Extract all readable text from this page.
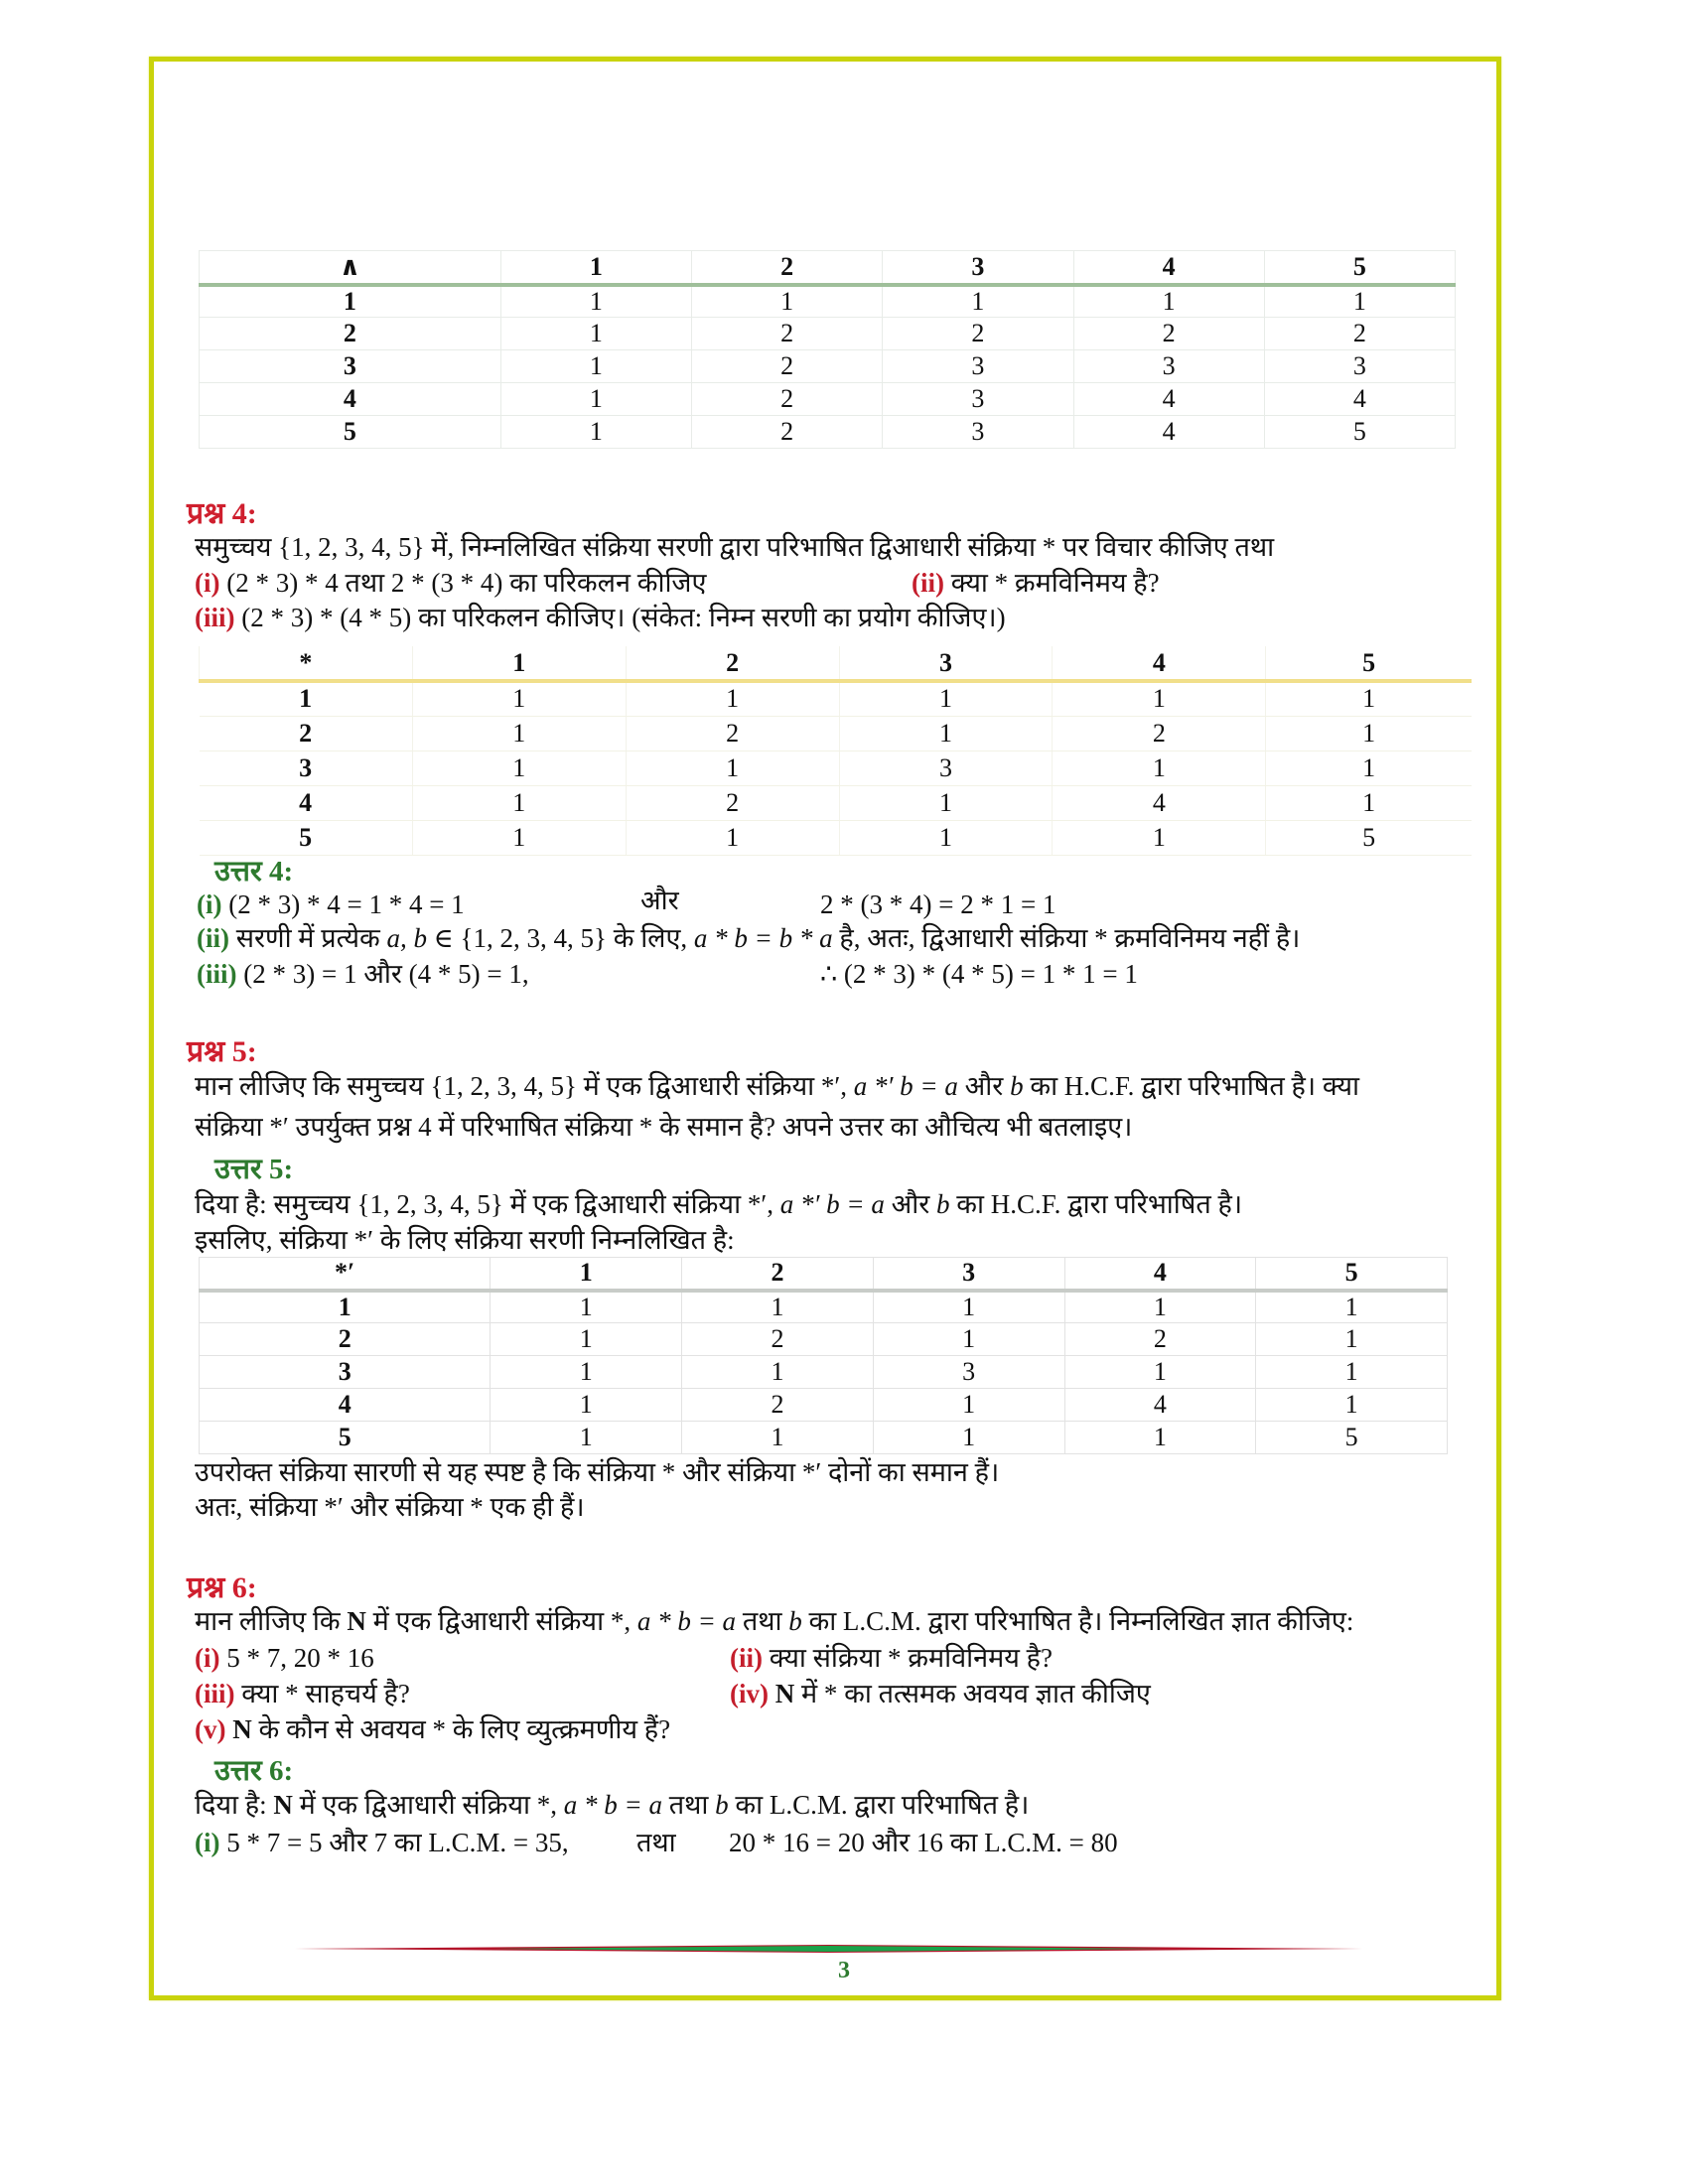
∧	1	2	3	4	5
1	1	1	1	1	1
2	1	2	2	2	2
3	1	2	3	3	3
4	1	2	3	4	4
5	1	2	3	4	5
प्रश्न 4:
समुच्चय {1, 2, 3, 4, 5} में, निम्नलिखित संक्रिया सरणी द्वारा परिभाषित द्विआधारी संक्रिया * पर विचार कीजिए तथा
(i) (2 * 3) * 4 तथा 2 * (3 * 4) का परिकलन कीजिए	(ii) क्या * क्रमविनिमय है?
(iii) (2 * 3) * (4 * 5) का परिकलन कीजिए। (संकेत: निम्न सरणी का प्रयोग कीजिए।)
*	1	2	3	4	5
1	1	1	1	1	1
2	1	2	1	2	1
3	1	1	3	1	1
4	1	2	1	4	1
5	1	1	1	1	5
उत्तर 4:
(i) (2 * 3) * 4 = 1 * 4 = 1	और	2 * (3 * 4) = 2 * 1 = 1
(ii) सरणी में प्रत्येक a, b ∈ {1, 2, 3, 4, 5} के लिए, a * b = b * a है, अतः, द्विआधारी संक्रिया * क्रमविनिमय नहीं है।
(iii) (2 * 3) = 1 और (4 * 5) = 1,	∴ (2 * 3) * (4 * 5) = 1 * 1 = 1
प्रश्न 5:
मान लीजिए कि समुच्चय {1, 2, 3, 4, 5} में एक द्विआधारी संक्रिया *′, a *′ b = a और b का H.C.F. द्वारा परिभाषित है। क्या
संक्रिया *′ उपर्युक्त प्रश्न 4 में परिभाषित संक्रिया * के समान है? अपने उत्तर का औचित्य भी बतलाइए।
उत्तर 5:
दिया है: समुच्चय {1, 2, 3, 4, 5} में एक द्विआधारी संक्रिया *′, a *′ b = a और b का H.C.F. द्वारा परिभाषित है।
इसलिए, संक्रिया *′ के लिए संक्रिया सरणी निम्नलिखित है:
*′	1	2	3	4	5
1	1	1	1	1	1
2	1	2	1	2	1
3	1	1	3	1	1
4	1	2	1	4	1
5	1	1	1	1	5
उपरोक्त संक्रिया सारणी से यह स्पष्ट है कि संक्रिया * और संक्रिया *′ दोनों का समान हैं।
अतः, संक्रिया *′ और संक्रिया * एक ही हैं।
प्रश्न 6:
मान लीजिए कि N में एक द्विआधारी संक्रिया *, a * b = a तथा b का L.C.M. द्वारा परिभाषित है। निम्नलिखित ज्ञात कीजिए:
(i) 5 * 7, 20 * 16	(ii) क्या संक्रिया * क्रमविनिमय है?
(iii) क्या * साहचर्य है?	(iv) N में * का तत्समक अवयव ज्ञात कीजिए
(v) N के कौन से अवयव * के लिए व्युत्क्रमणीय हैं?
उत्तर 6:
दिया है: N में एक द्विआधारी संक्रिया *, a * b = a तथा b का L.C.M. द्वारा परिभाषित है।
(i) 5 * 7 = 5 और 7 का L.C.M. = 35,	तथा 20 * 16 = 20 और 16 का L.C.M. = 80
3
